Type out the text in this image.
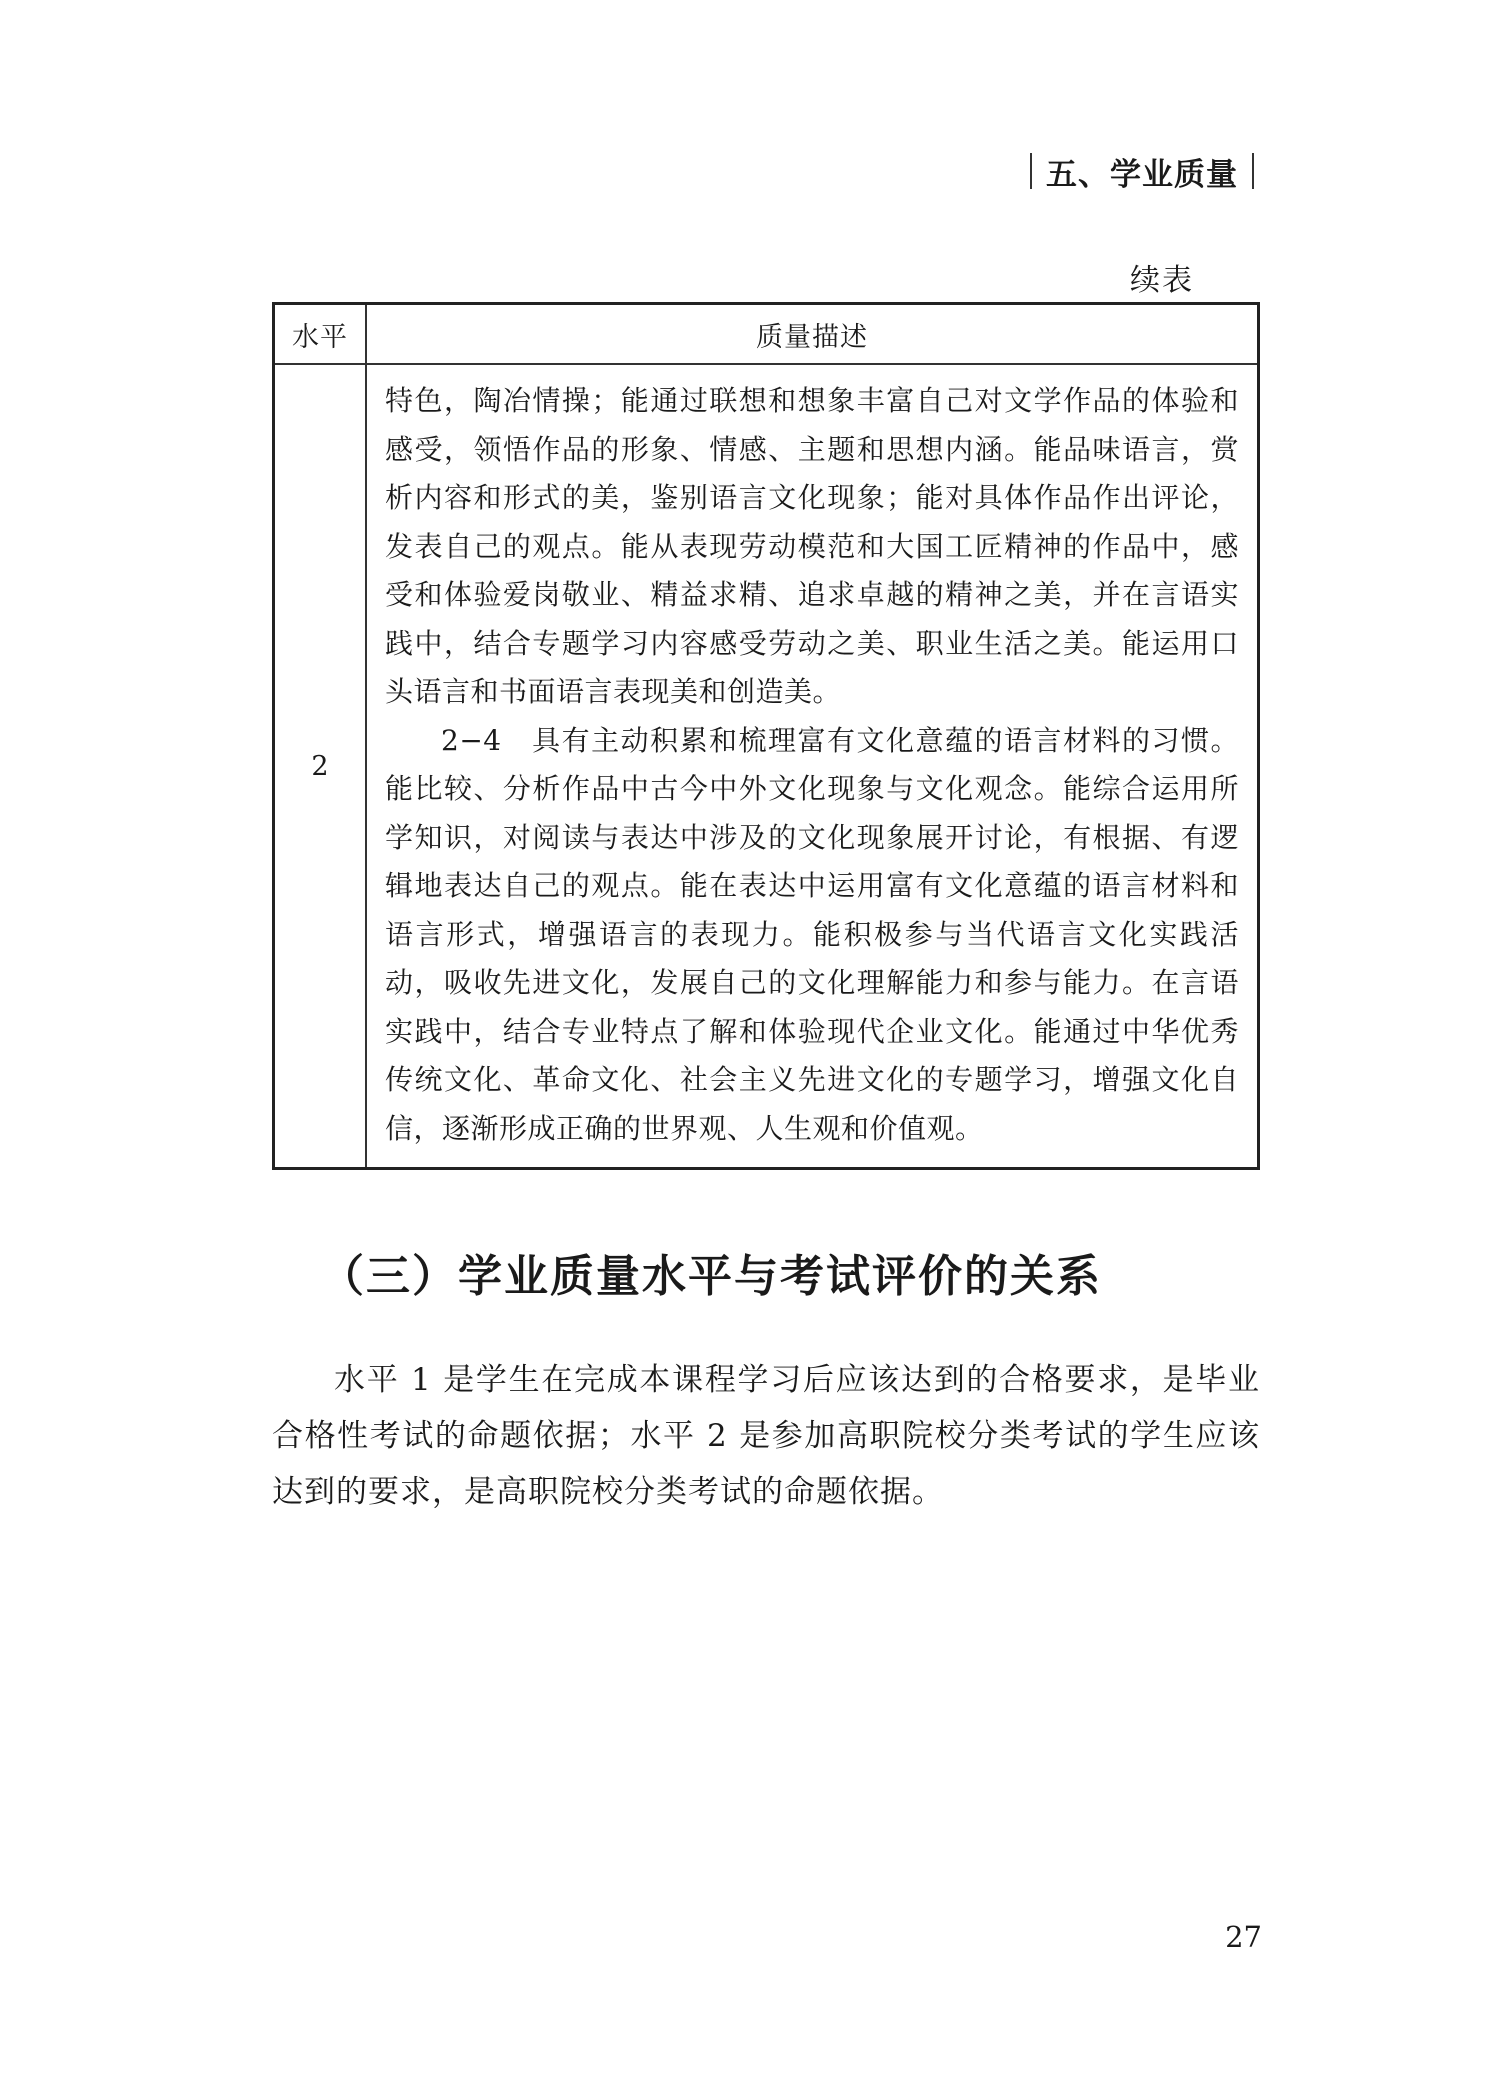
五、学业质量
续表
水平	质量描述
2	特色，陶冶情操；能通过联想和想象丰富自己对文学作品的体验和感受，领悟作品的形象、情感、主题和思想内涵。能品味语言，赏析内容和形式的美，鉴别语言文化现象；能对具体作品作出评论，发表自己的观点。能从表现劳动模范和大国工匠精神的作品中，感受和体验爱岗敬业、精益求精、追求卓越的精神之美，并在言语实践中，结合专题学习内容感受劳动之美、职业生活之美。能运用口头语言和书面语言表现美和创造美。

2−4　具有主动积累和梳理富有文化意蕴的语言材料的习惯。能比较、分析作品中古今中外文化现象与文化观念。能综合运用所学知识，对阅读与表达中涉及的文化现象展开讨论，有根据、有逻辑地表达自己的观点。能在表达中运用富有文化意蕴的语言材料和语言形式，增强语言的表现力。能积极参与当代语言文化实践活动，吸收先进文化，发展自己的文化理解能力和参与能力。在言语实践中，结合专业特点了解和体验现代企业文化。能通过中华优秀传统文化、革命文化、社会主义先进文化的专题学习，增强文化自信，逐渐形成正确的世界观、人生观和价值观。

（三）学业质量水平与考试评价的关系

水平 1 是学生在完成本课程学习后应该达到的合格要求，是毕业合格性考试的命题依据；水平 2 是参加高职院校分类考试的学生应该达到的要求，是高职院校分类考试的命题依据。

27
